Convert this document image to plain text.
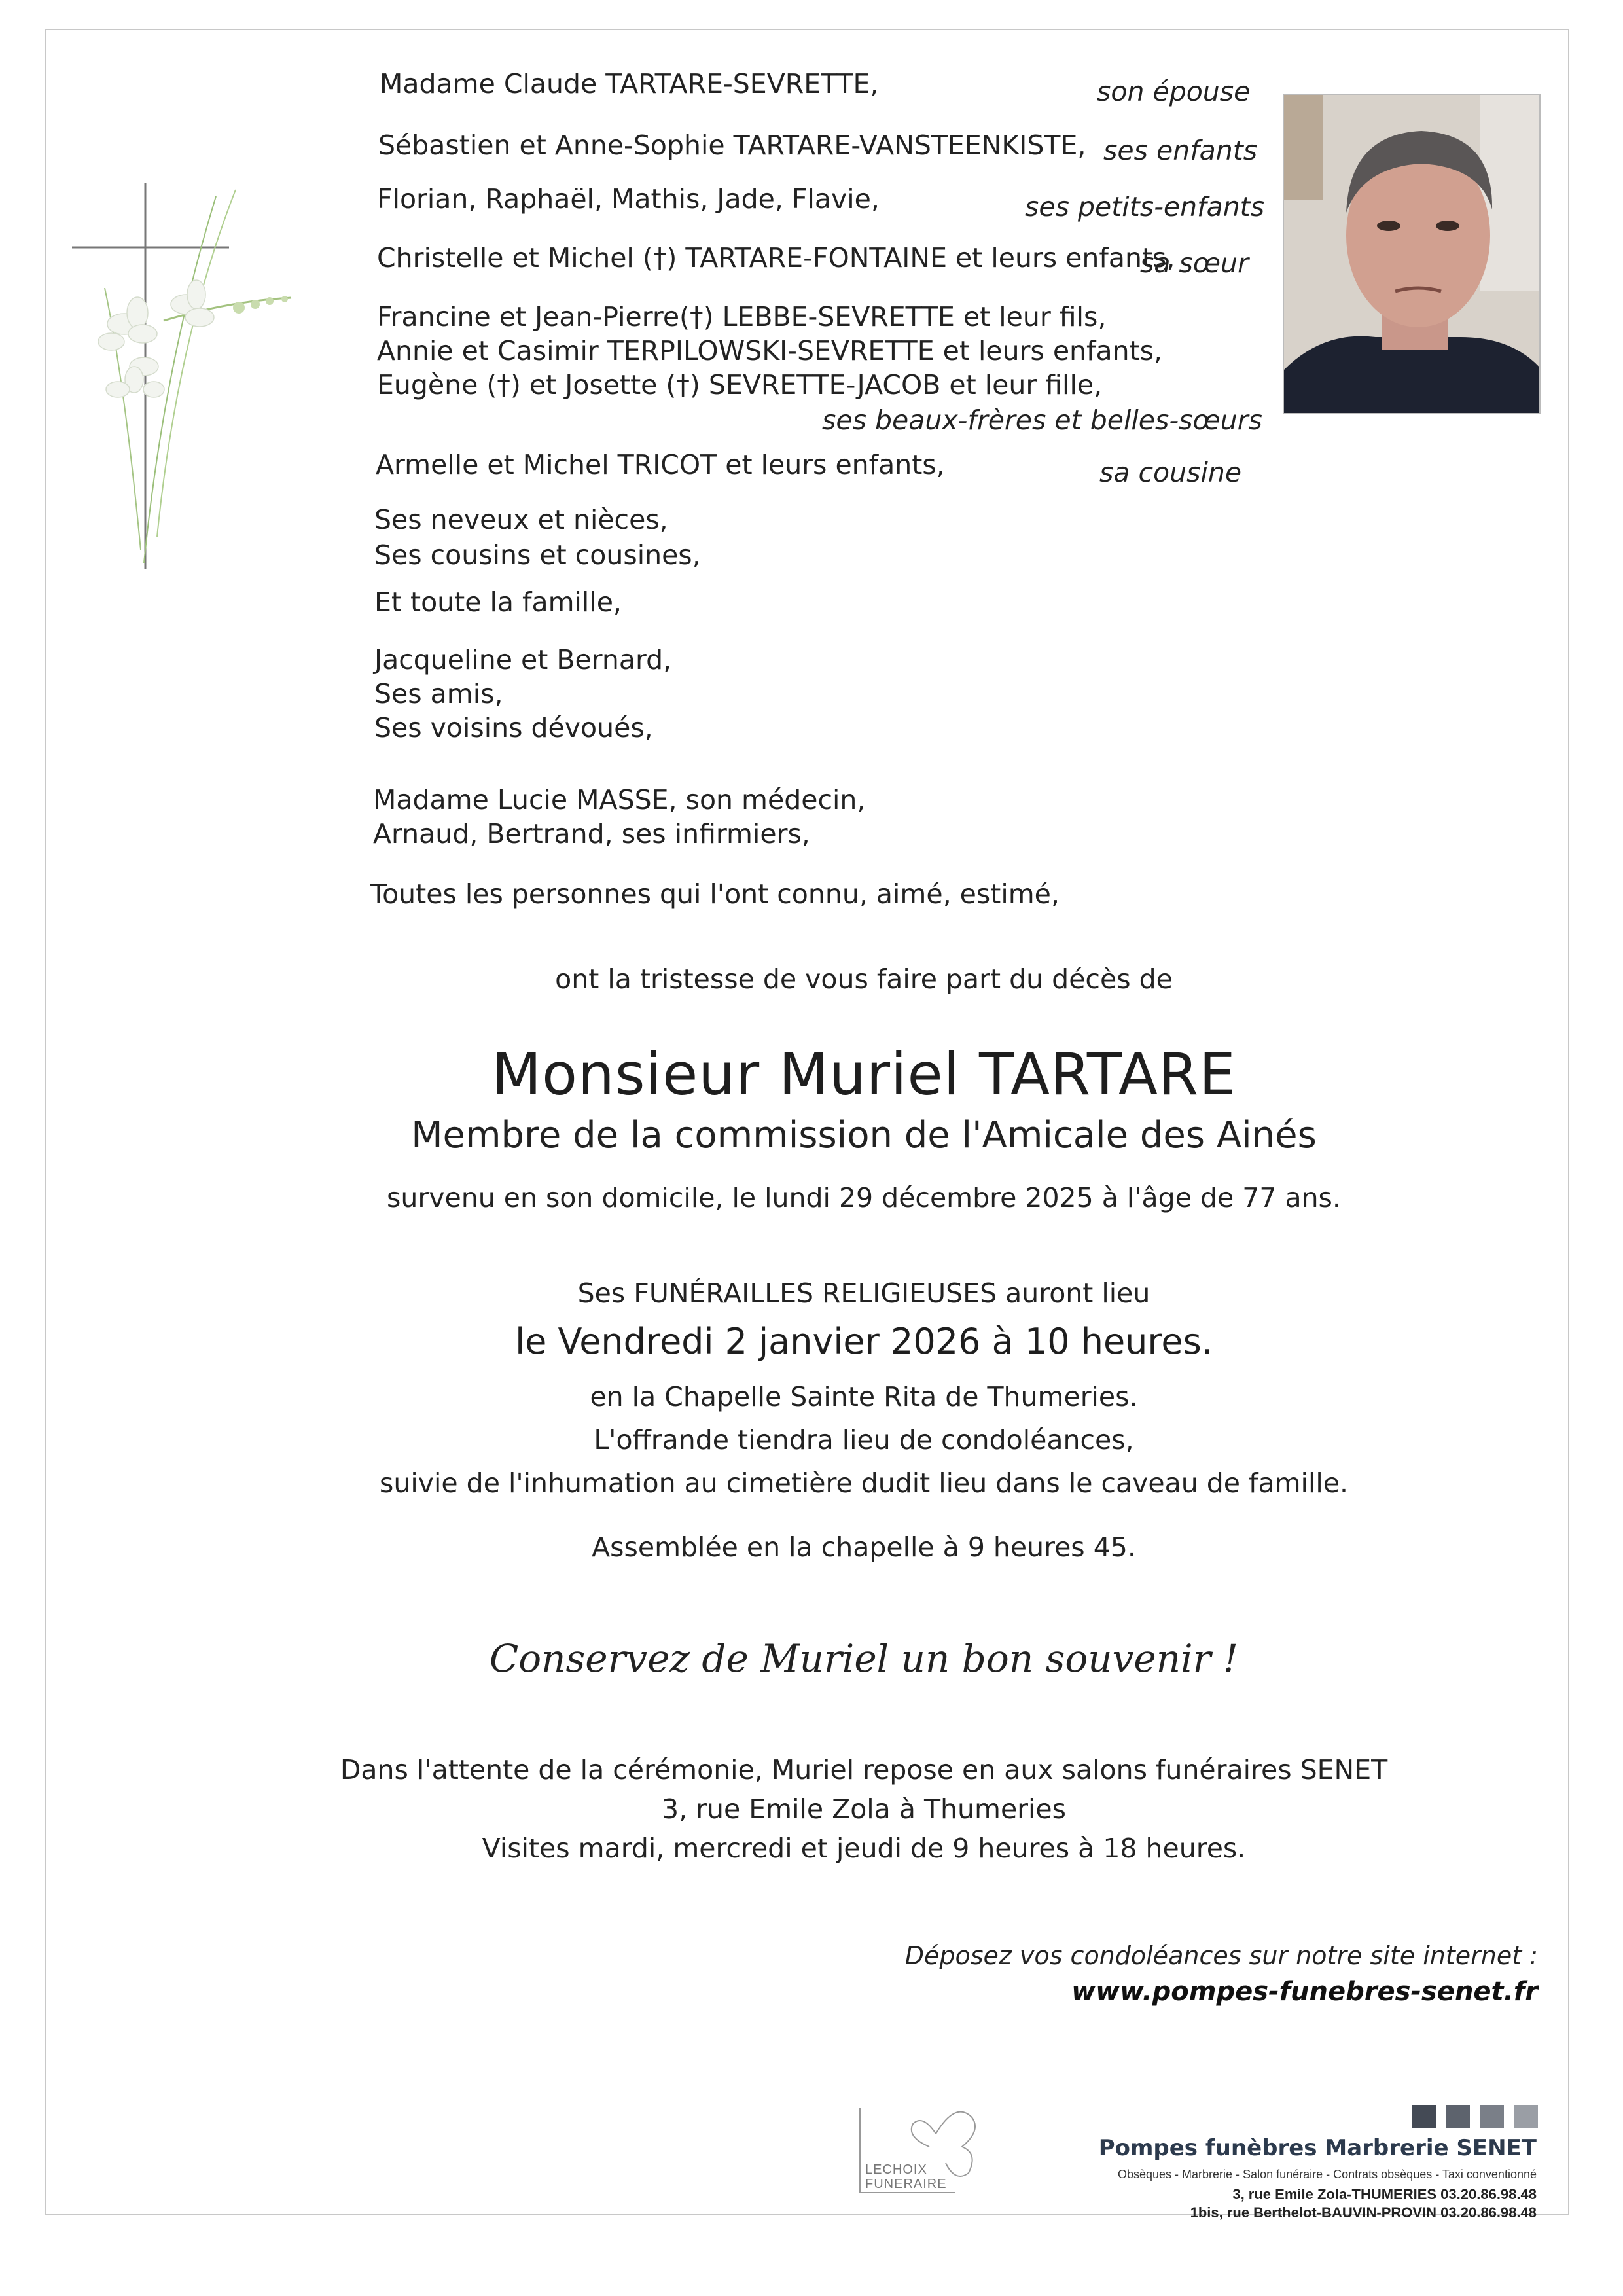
Madame Claude TARTARE-SEVRETTE,	son épouse
Sébastien et Anne-Sophie TARTARE-VANSTEENKISTE, ses enfants
Florian, Raphaël, Mathis, Jade, Flavie,	ses petits-enfants
Christelle et Michel (†) TARTARE-FONTAINE et leurs enfants,
sa sœur
Francine et Jean-Pierre(†) LEBBE-SEVRETTE et leur fils,
Annie et Casimir TERPILOWSKI-SEVRETTE et leurs enfants,
Eugène (†) et Josette (†) SEVRETTE-JACOB et leur fille,
ses beaux-frères et belles-sœurs
Armelle et Michel TRICOT et leurs enfants,	sa cousine
Ses neveux et nièces,
Ses cousins et cousines,
Et toute la famille,
Jacqueline et Bernard,
Ses amis,
Ses voisins dévoués,
Madame Lucie MASSE, son médecin,
Arnaud, Bertrand, ses infirmiers,
Toutes les personnes qui l'ont connu, aimé, estimé,
ont la tristesse de vous faire part du décès de
Monsieur Muriel TARTARE
Membre de la commission de l'Amicale des Ainés
survenu en son domicile, le lundi 29 décembre 2025 à l'âge de 77 ans.
Ses FUNÉRAILLES RELIGIEUSES auront lieu
le Vendredi 2 janvier 2026 à 10 heures.
en la Chapelle Sainte Rita de Thumeries.
L'offrande tiendra lieu de condoléances,
suivie de l'inhumation au cimetière dudit lieu dans le caveau de famille.
Assemblée en la chapelle à 9 heures 45.
Conservez de Muriel un bon souvenir !
Dans l'attente de la cérémonie, Muriel repose en aux salons funéraires SENET
3, rue Emile Zola à Thumeries
Visites mardi, mercredi et jeudi de 9 heures à 18 heures.
Déposez vos condoléances sur notre site internet :
www.pompes-funebres-senet.fr
LECHOIX
FUNERAIRE
Pompes funèbres Marbrerie SENET
Obsèques - Marbrerie - Salon funéraire - Contrats obsèques - Taxi conventionné
3, rue Emile Zola-THUMERIES 03.20.86.98.48
1bis, rue Berthelot-BAUVIN-PROVIN 03.20.86.98.48
